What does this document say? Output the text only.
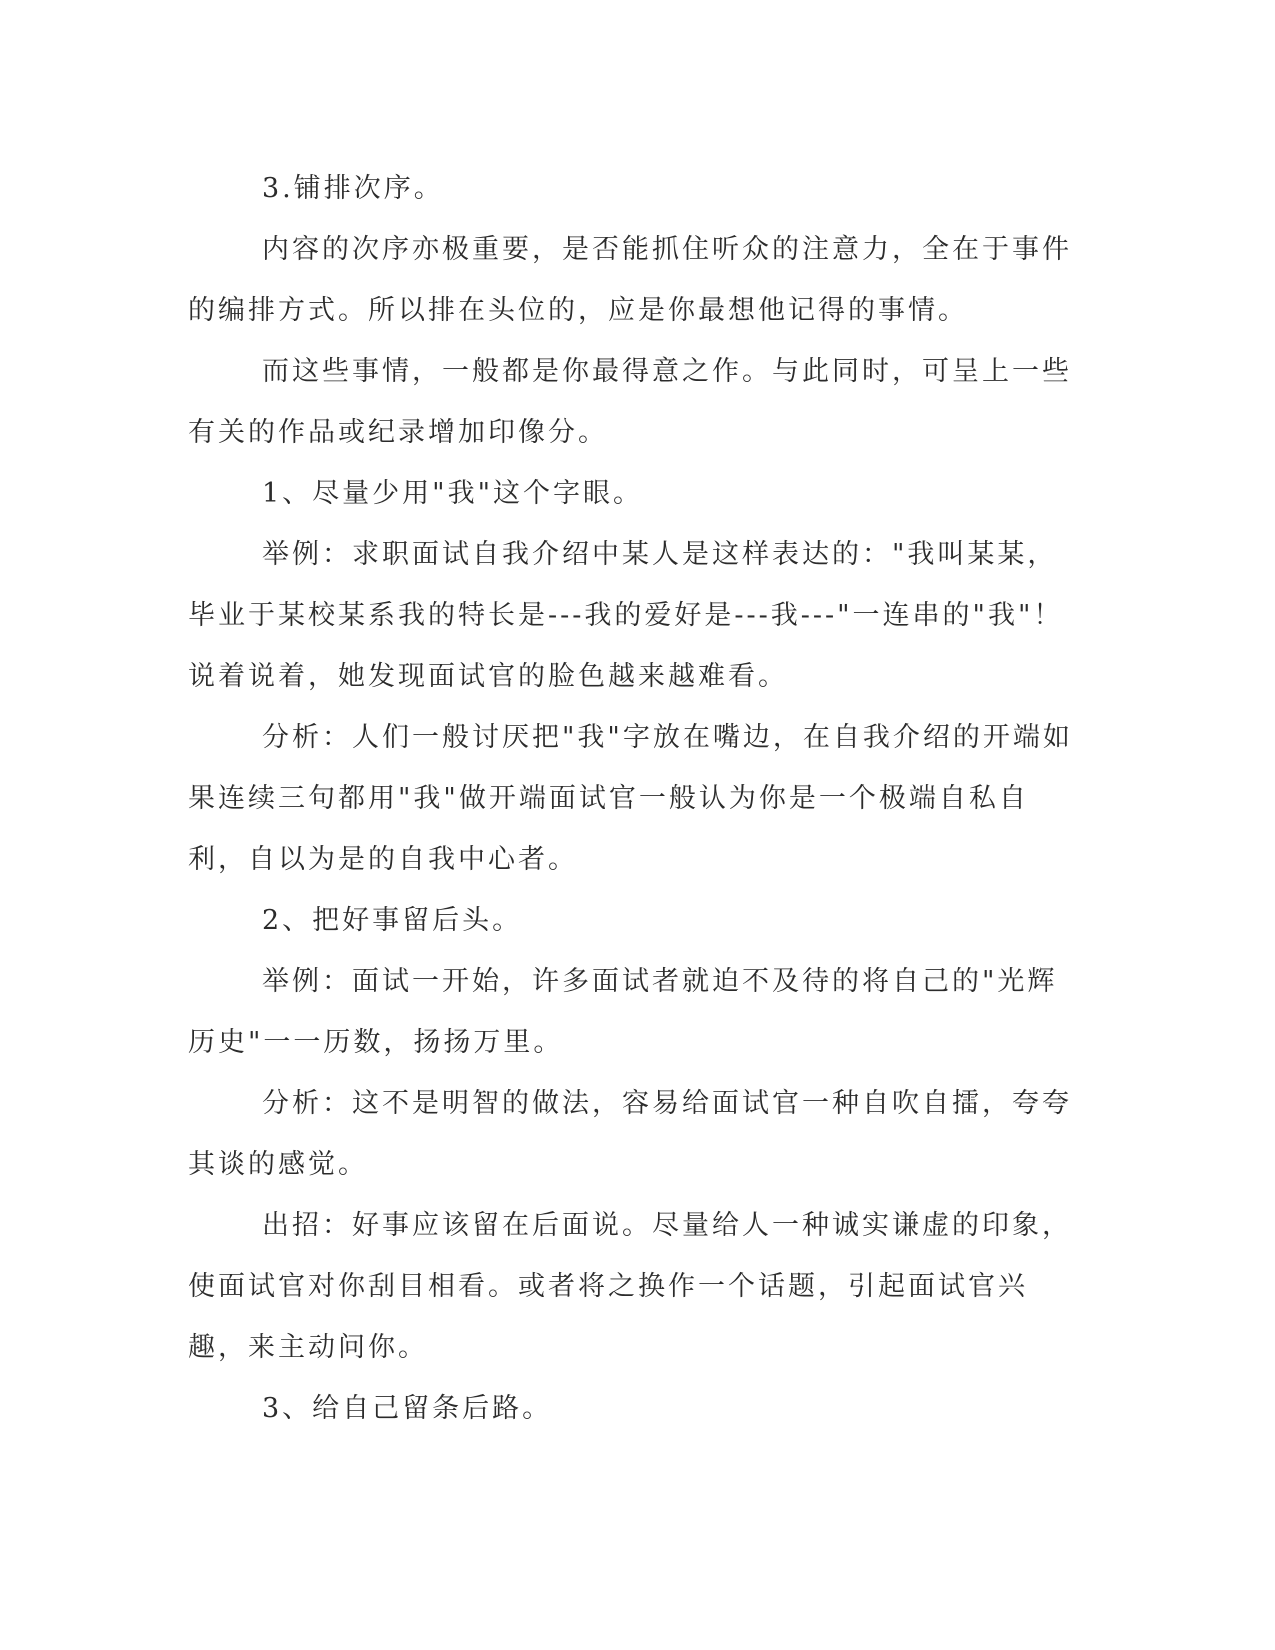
3.铺排次序。

内容的次序亦极重要，是否能抓住听众的注意力，全在于事件的编排方式。所以排在头位的，应是你最想他记得的事情。

而这些事情，一般都是你最得意之作。与此同时，可呈上一些有关的作品或纪录增加印像分。

1、尽量少用"我"这个字眼。

举例：求职面试自我介绍中某人是这样表达的："我叫某某，毕业于某校某系我的特长是---我的爱好是---我---"一连串的"我"！说着说着，她发现面试官的脸色越来越难看。

分析：人们一般讨厌把"我"字放在嘴边，在自我介绍的开端如果连续三句都用"我"做开端面试官一般认为你是一个极端自私自利，自以为是的自我中心者。

2、把好事留后头。

举例：面试一开始，许多面试者就迫不及待的将自己的"光辉历史"一一历数，扬扬万里。

分析：这不是明智的做法，容易给面试官一种自吹自擂，夸夸其谈的感觉。

出招：好事应该留在后面说。尽量给人一种诚实谦虚的印象，使面试官对你刮目相看。或者将之换作一个话题，引起面试官兴趣，来主动问你。

3、给自己留条后路。
